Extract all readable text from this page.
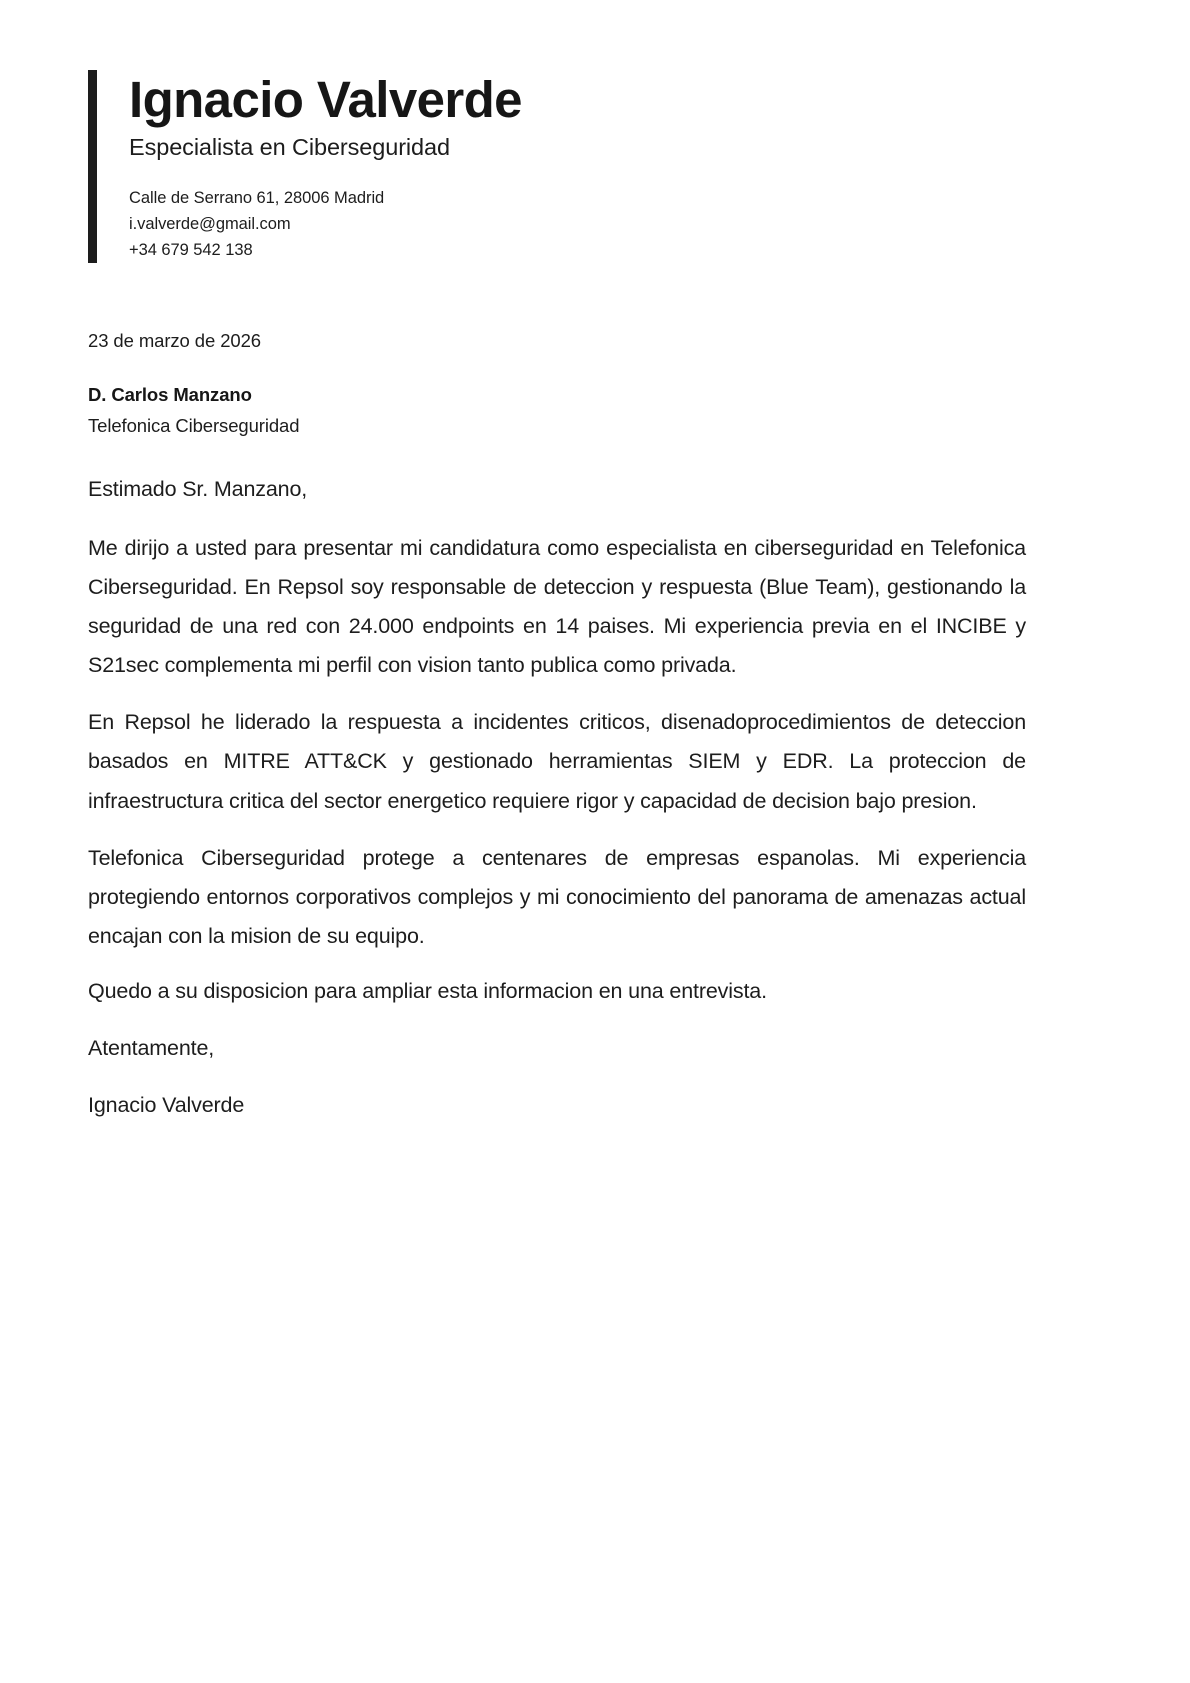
Ignacio Valverde
Especialista en Ciberseguridad
Calle de Serrano 61, 28006 Madrid
i.valverde@gmail.com
+34 679 542 138
23 de marzo de 2026
D. Carlos Manzano
Telefonica Ciberseguridad

Estimado Sr. Manzano,

Me dirijo a usted para presentar mi candidatura como especialista en ciberseguridad en Telefonica Ciberseguridad. En Repsol soy responsable de deteccion y respuesta (Blue Team), gestionando la seguridad de una red con 24.000 endpoints en 14 paises. Mi experiencia previa en el INCIBE y S21sec complementa mi perfil con vision tanto publica como privada.

En Repsol he liderado la respuesta a incidentes criticos, disenadoprocedimientos de deteccion basados en MITRE ATT&CK y gestionado herramientas SIEM y EDR. La proteccion de infraestructura critica del sector energetico requiere rigor y capacidad de decision bajo presion.

Telefonica Ciberseguridad protege a centenares de empresas espanolas. Mi experiencia protegiendo entornos corporativos complejos y mi conocimiento del panorama de amenazas actual encajan con la mision de su equipo.

Quedo a su disposicion para ampliar esta informacion en una entrevista.

Atentamente,

Ignacio Valverde
